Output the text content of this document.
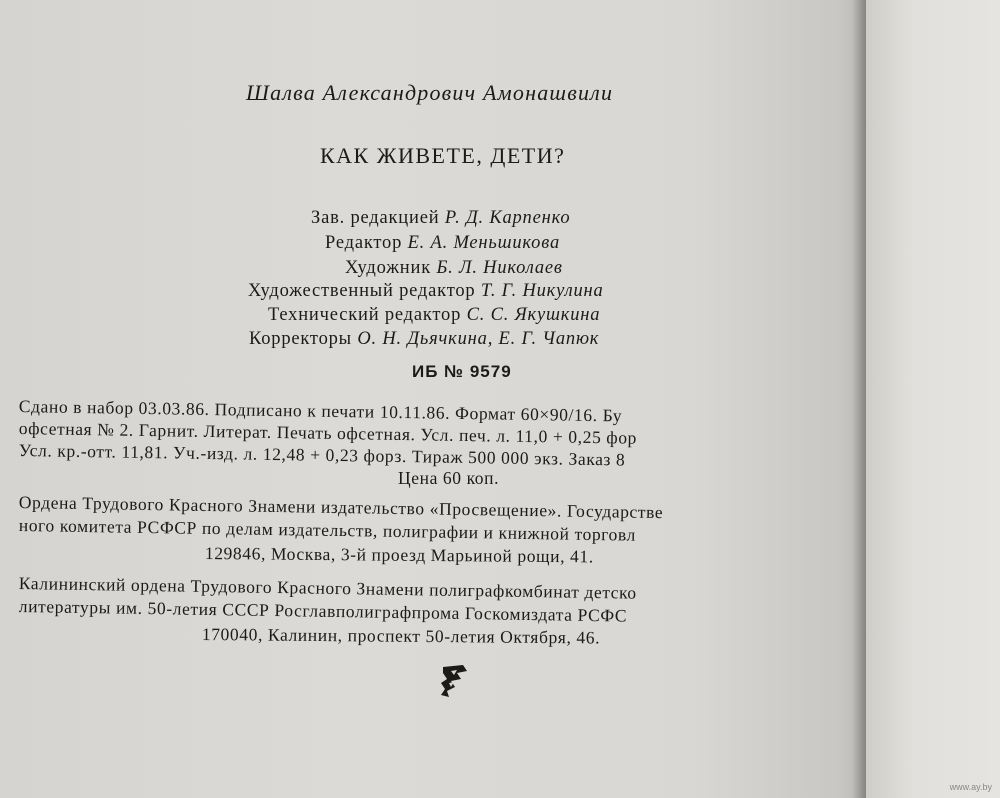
Шалва Александрович Амонашвили
КАК ЖИВЕТЕ, ДЕТИ?
Зав. редакцией Р. Д. Карпенко
Редактор Е. А. Меньшикова
Художник Б. Л. Николаев
Художественный редактор Т. Г. Никулина
Технический редактор С. С. Якушкина
Корректоры О. Н. Дьячкина, Е. Г. Чапюк
ИБ № 9579
Сдано в набор 03.03.86. Подписано к печати 10.11.86. Формат 60×90/16. Бу
офсетная № 2. Гарнит. Литерат. Печать офсетная. Усл. печ. л. 11,0 + 0,25 фор
Усл. кр.-отт. 11,81. Уч.-изд. л. 12,48 + 0,23 форз. Тираж 500 000 экз. Заказ 8
Цена 60 коп.
Ордена Трудового Красного Знамени издательство «Просвещение». Государстве
ного комитета РСФСР по делам издательств, полиграфии и книжной торговл
129846, Москва, 3-й проезд Марьиной рощи, 41.
Калининский ордена Трудового Красного Знамени полиграфкомбинат детско
литературы им. 50-летия СССР Росглавполиграфпрома Госкомиздата РСФС
170040, Калинин, проспект 50-летия Октября, 46.
www.ay.by
